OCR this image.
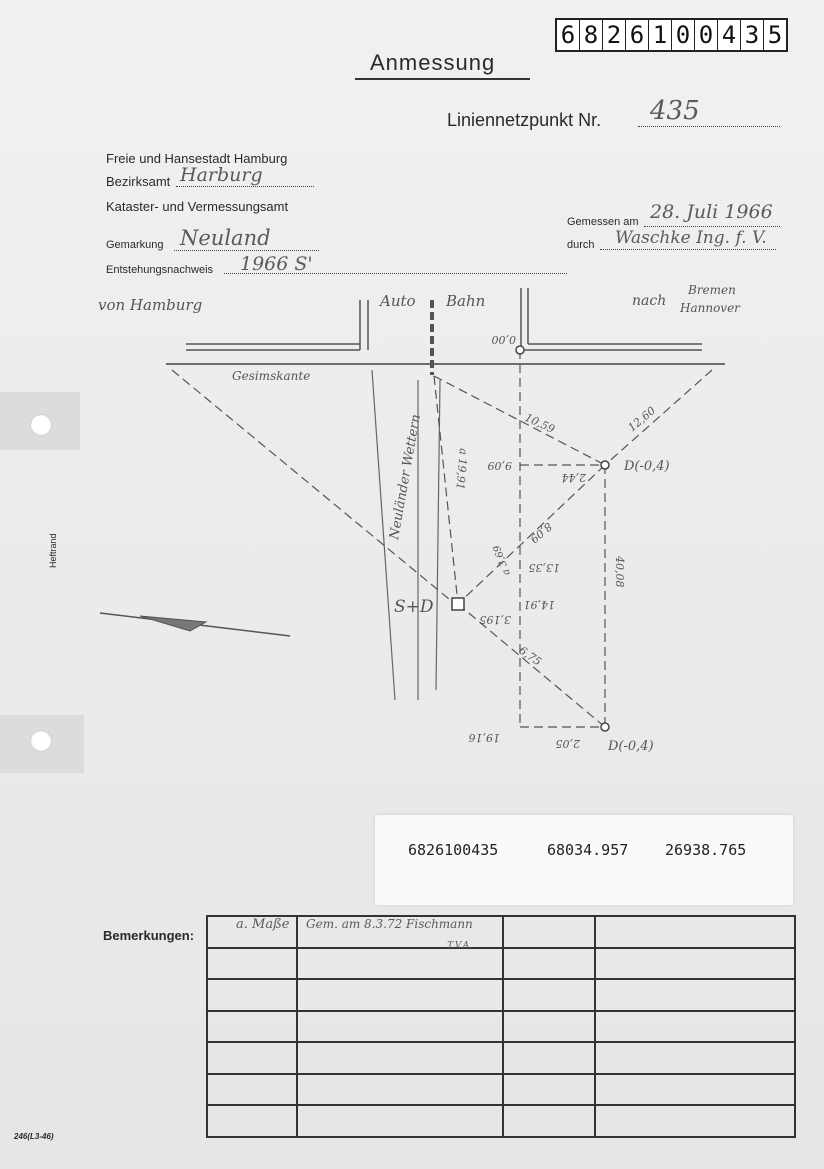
6 8 2 6 1 0 0 4 3 5
Anmessung
Liniennetzpunkt Nr. 435
Freie und Hansestadt Hamburg
Bezirksamt Harburg
Kataster- und Vermessungsamt
Gemarkung Neuland
Entstehungsnachweis 1966 S'
Gemessen am 28. Juli 1966
durch Waschke Ing. f. V.
Heftrand
von Hamburg	Auto Bahn	nach
Bremen
Hannover
Gesimskante
Neuländer Wettern
0,00
S+D
D(-0,4)
D(-0,4)
10,59	12,60
9,09
2,44
8,09
13,35	40,08
a 3,69
14,91
3,195
6,75
2,05
19,16
a 19,91
6826100435	68034.957 26938.765
Bemerkungen:
a. Maße	Gem. am 8.3.72 Fischmann
T.V.A.		

246(L3-46)
